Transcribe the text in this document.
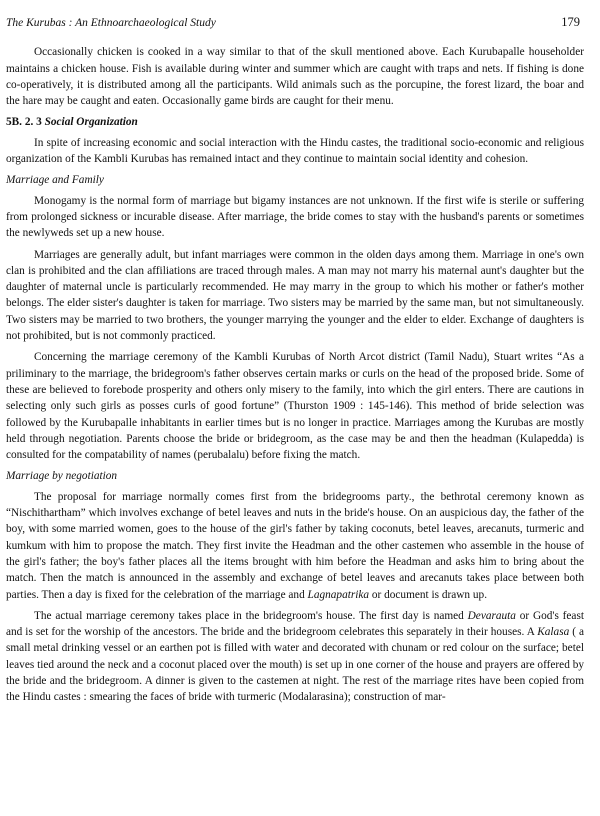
The Kurubas : An Ethnoarchaeological Study	179

Occasionally chicken is cooked in a way similar to that of the skull mentioned above. Each Kurubapalle householder maintains a chicken house. Fish is available during winter and summer which are caught with traps and nets. If fishing is done co-operatively, it is distributed among all the participants. Wild animals such as the porcupine, the forest lizard, the boar and the hare may be caught and eaten. Occasionally game birds are caught for their menu.

5B. 2. 3 Social Organization

In spite of increasing economic and social interaction with the Hindu castes, the traditional socio-economic and religious organization of the Kambli Kurubas has remained intact and they continue to maintain social identity and cohesion.

Marriage and Family

Monogamy is the normal form of marriage but bigamy instances are not unknown. If the first wife is sterile or suffering from prolonged sickness or incurable disease. After marriage, the bride comes to stay with the husband's parents or sometimes the newlyweds set up a new house.

Marriages are generally adult, but infant marriages were common in the olden days among them. Marriage in one's own clan is prohibited and the clan affiliations are traced through males. A man may not marry his maternal aunt's daughter but the daughter of maternal uncle is particularly recommended. He may marry in the group to which his mother or father's mother belongs. The elder sister's daughter is taken for marriage. Two sisters may be married by the same man, but not simultaneously. Two sisters may be married to two brothers, the younger marrying the younger and the elder to elder. Exchange of daughters is not prohibited, but is not commonly practiced.

Concerning the marriage ceremony of the Kambli Kurubas of North Arcot district (Tamil Nadu), Stuart writes “As a priliminary to the marriage, the bridegroom's father observes certain marks or curls on the head of the proposed bride. Some of these are believed to forebode prosperity and others only misery to the family, into which the girl enters. There are cautions in selecting only such girls as posses curls of good fortune” (Thurston 1909 : 145-146). This method of bride selection was followed by the Kurubapalle inhabitants in earlier times but is no longer in practice. Marriages among the Kurubas are mostly held through negotiation. Parents choose the bride or bridegroom, as the case may be and then the headman (Kulapedda) is consulted for the compatability of names (perubalalu) before fixing the match.

Marriage by negotiation

The proposal for marriage normally comes first from the bridegrooms party., the bethrotal ceremony known as “Nischithartham” which involves exchange of betel leaves and nuts in the bride's house. On an auspicious day, the father of the boy, with some married women, goes to the house of the girl's father by taking coconuts, betel leaves, arecanuts, turmeric and kumkum with him to propose the match. They first invite the Headman and the other castemen who assemble in the house of the girl's father; the boy's father places all the items brought with him before the Headman and asks him to bring about the match. Then the match is announced in the assembly and exchange of betel leaves and arecanuts takes place between both parties. Then a day is fixed for the celebration of the marriage and Lagnapatrika or document is drawn up.

The actual marriage ceremony takes place in the bridegroom's house. The first day is named Devarauta or God's feast and is set for the worship of the ancestors. The bride and the bridegroom celebrates this separately in their houses. A Kalasa ( a small metal drinking vessel or an earthen pot is filled with water and decorated with chunam or red colour on the surface; betel leaves tied around the neck and a coconut placed over the mouth) is set up in one corner of the house and prayers are offered by the bride and the bridegroom. A dinner is given to the castemen at night. The rest of the marriage rites have been copied from the Hindu castes : smearing the faces of bride with turmeric (Modalarasina); construction of mar-
